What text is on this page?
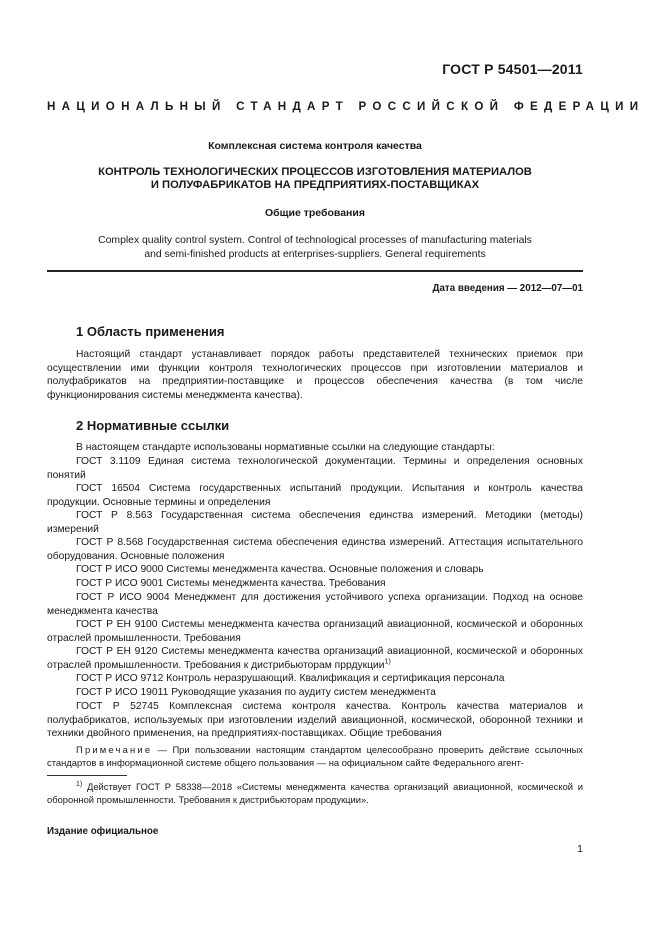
ГОСТ Р 54501—2011
НАЦИОНАЛЬНЫЙ СТАНДАРТ РОССИЙСКОЙ ФЕДЕРАЦИИ
Комплексная система контроля качества
КОНТРОЛЬ ТЕХНОЛОГИЧЕСКИХ ПРОЦЕССОВ ИЗГОТОВЛЕНИЯ МАТЕРИАЛОВ
И ПОЛУФАБРИКАТОВ НА ПРЕДПРИЯТИЯХ-ПОСТАВЩИКАХ
Общие требования
Complex quality control system. Control of technological processes of manufacturing materials
and semi-finished products at enterprises-suppliers. General requirements
Дата введения — 2012—07—01
1 Область применения
Настоящий стандарт устанавливает порядок работы представителей технических приемок при осуществлении ими функции контроля технологических процессов при изготовлении материалов и полуфабрикатов на предприятии-поставщике и процессов обеспечения качества (в том числе функционирования системы менеджмента качества).
2 Нормативные ссылки
В настоящем стандарте использованы нормативные ссылки на следующие стандарты:
ГОСТ 3.1109 Единая система технологической документации. Термины и определения основных понятий
ГОСТ 16504 Система государственных испытаний продукции. Испытания и контроль качества продукции. Основные термины и определения
ГОСТ Р 8.563 Государственная система обеспечения единства измерений. Методики (методы) измерений
ГОСТ Р 8.568 Государственная система обеспечения единства измерений. Аттестация испытательного оборудования. Основные положения
ГОСТ Р ИСО 9000 Системы менеджмента качества. Основные положения и словарь
ГОСТ Р ИСО 9001 Системы менеджмента качества. Требования
ГОСТ Р ИСО 9004 Менеджмент для достижения устойчивого успеха организации. Подход на основе менеджмента качества
ГОСТ Р ЕН 9100 Системы менеджмента качества организаций авиационной, космической и оборонных отраслей промышленности. Требования
ГОСТ Р ЕН 9120 Системы менеджмента качества организаций авиационной, космической и оборонных отраслей промышленности. Требования к дистрибьюторам пррдукции$^{1)}$
ГОСТ Р ИСО 9712 Контроль неразрушающий. Квалификация и сертификация персонала
ГОСТ Р ИСО 19011 Руководящие указания по аудиту систем менеджмента
ГОСТ Р 52745 Комплексная система контроля качества. Контроль качества материалов и полуфабрикатов, используемых при изготовлении изделий авиационной, космической, оборонной техники и техники двойного применения, на предприятиях-поставщиках. Общие требования
Примечание — При пользовании настоящим стандартом целесообразно проверить действие ссылочных стандартов в информационной системе общего пользования — на официальном сайте Федерального агент-
$^{1)}$ Действует ГОСТ Р 58338—2018 «Системы менеджмента качества организаций авиационной, космической и оборонной промышленности. Требования к дистрибьюторам продукции».
Издание официальное
1
